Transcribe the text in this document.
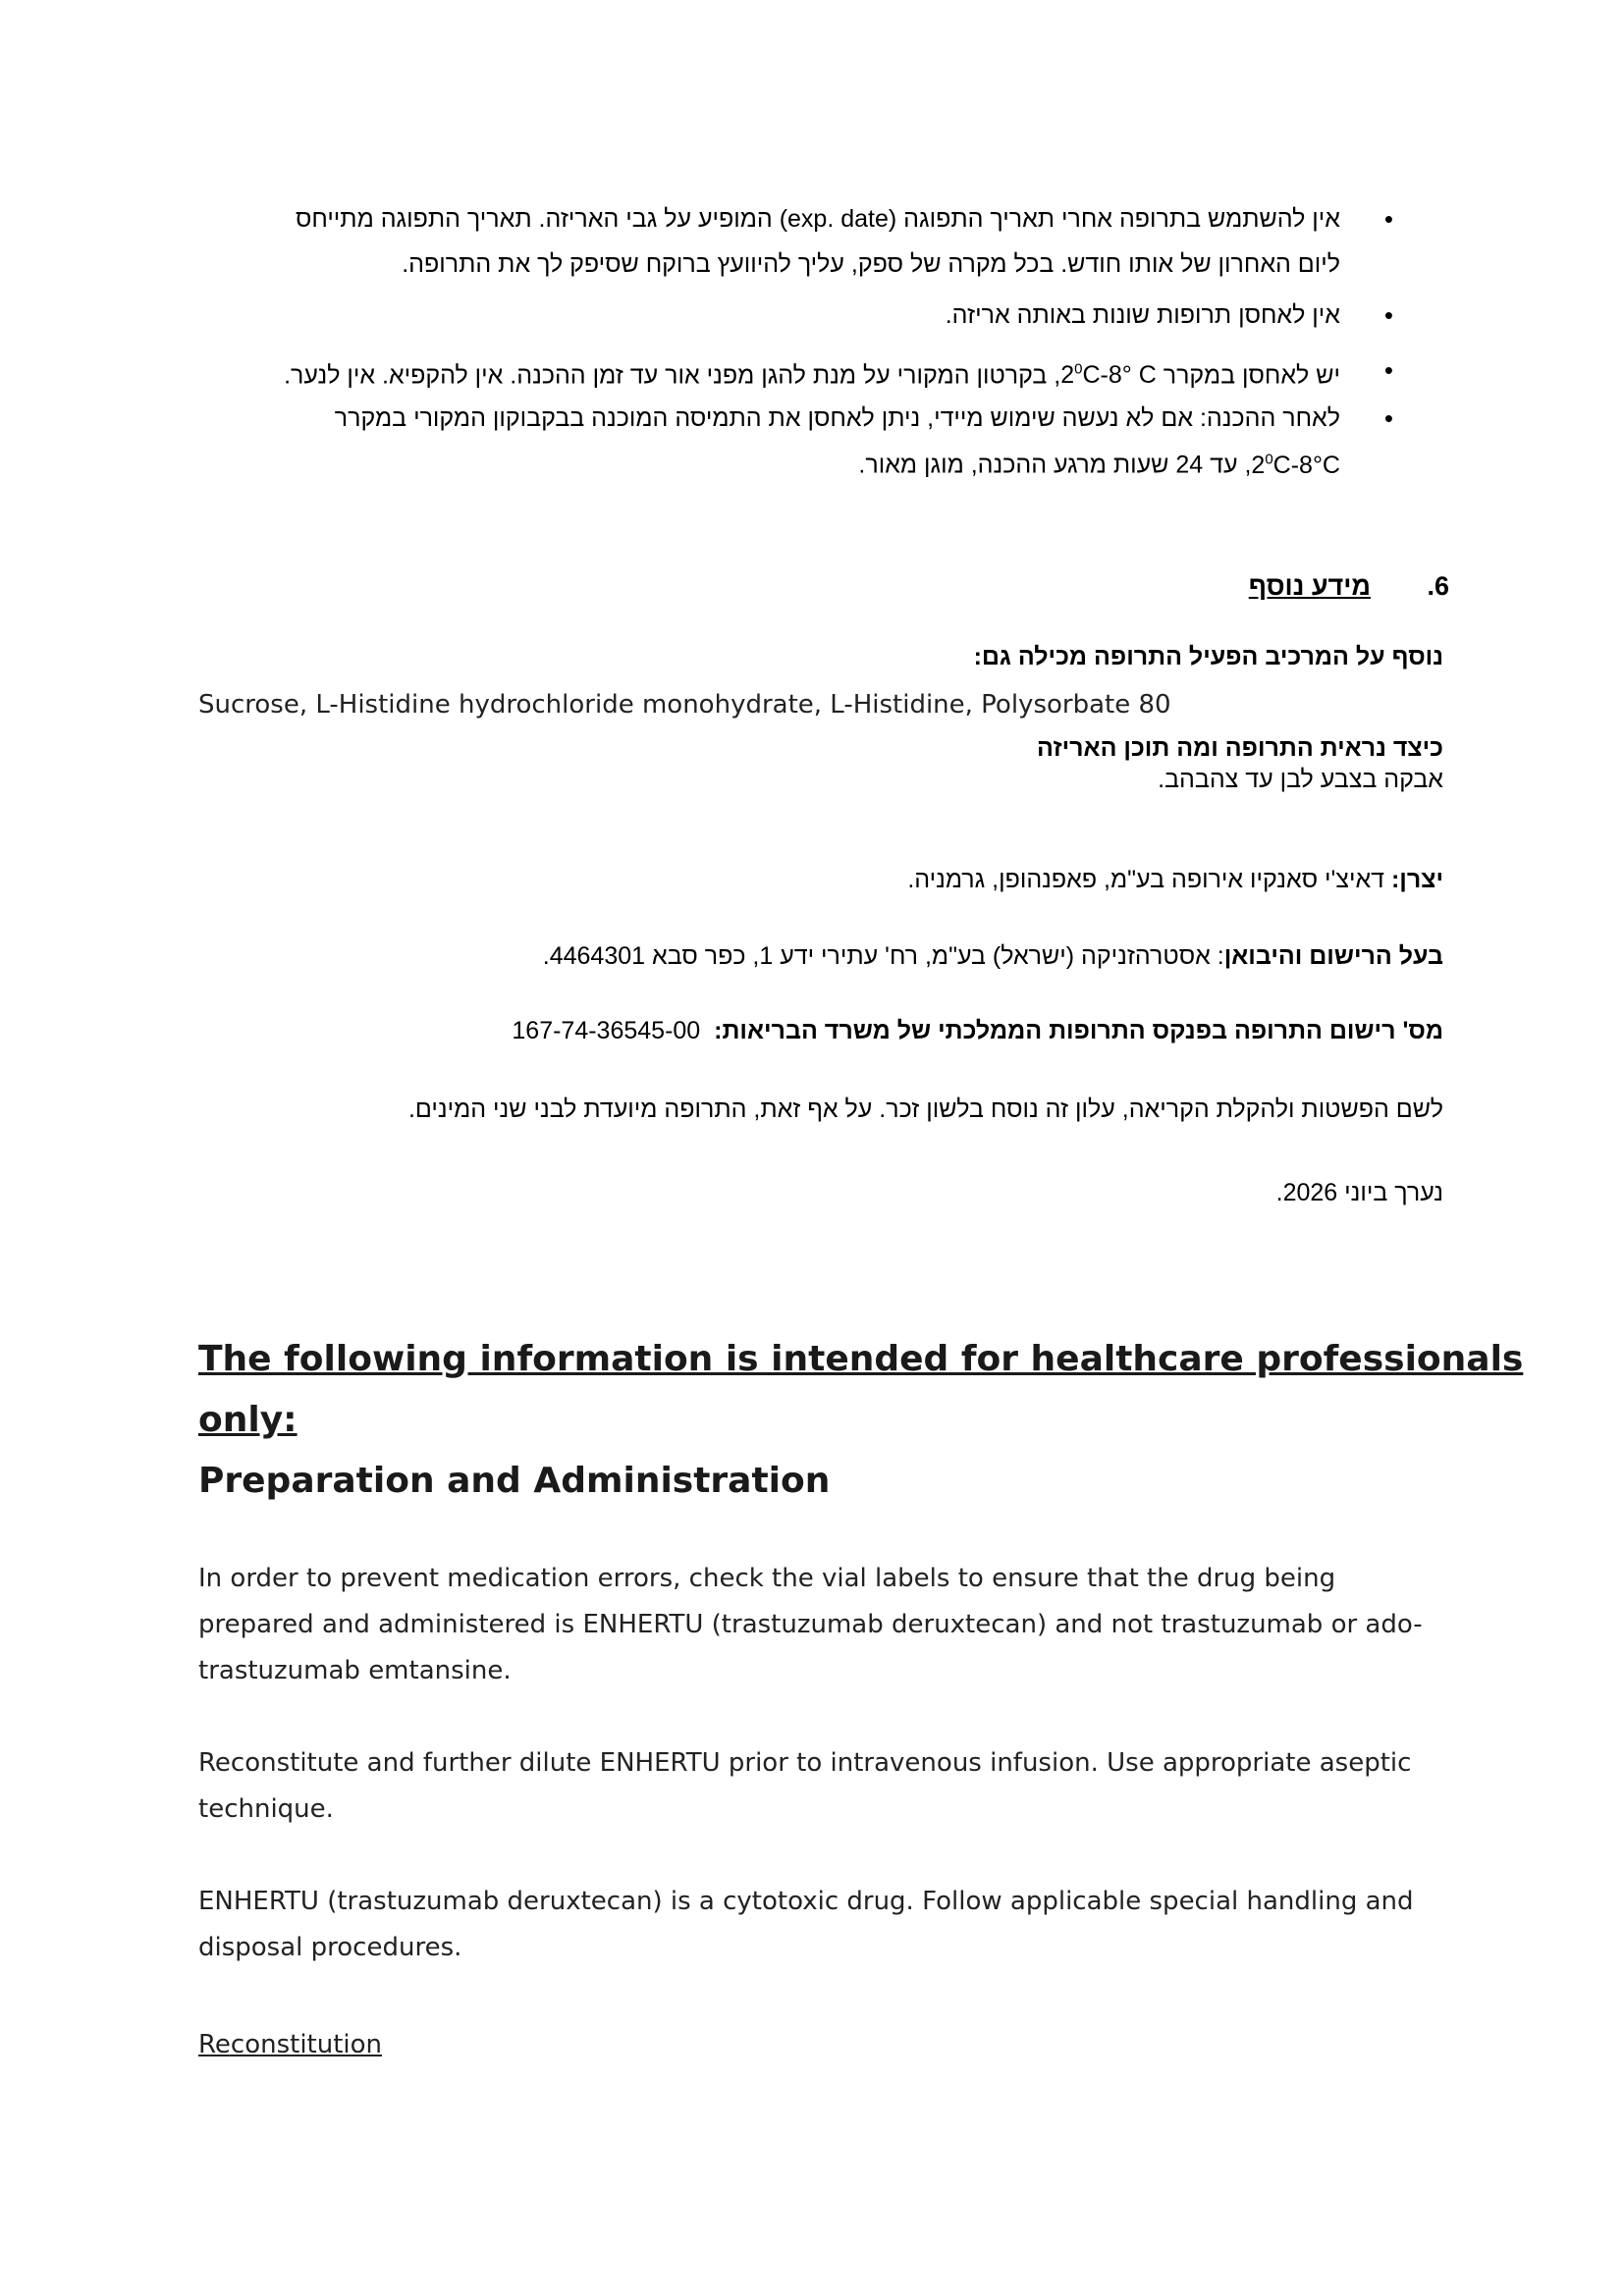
• אין להשתמש בתרופה אחרי תאריך התפוגה (exp. date) המופיע על גבי האריזה. תאריך התפוגה מתייחס
ליום האחרון של אותו חודש. בכל מקרה של ספק, עליך להיוועץ ברוקח שסיפק לך את התרופה.
• אין לאחסן תרופות שונות באותה אריזה.
• יש לאחסן במקרר $2^0C-8^\circ$ C, בקרטון המקורי על מנת להגן מפני אור עד זמן ההכנה. אין להקפיא. אין לנער.
• לאחר ההכנה: אם לא נעשה שימוש מיידי, ניתן לאחסן את התמיסה המוכנה בבקבוקון המקורי במקרר
$2^0C-8^\circ C$, עד 24 שעות מרגע ההכנה, מוגן מאור.
6.
מידע נוסף
נוסף על המרכיב הפעיל התרופה מכילה גם:
Sucrose, L-Histidine hydrochloride monohydrate, L-Histidine, Polysorbate 80
כיצד נראית התרופה ומה תוכן האריזה
אבקה בצבע לבן עד צהבהב.
יצרן: דאיצ'י סאנקיו אירופה בע"מ, פאפנהופן, גרמניה.
בעל הרישום והיבואן: אסטרהזניקה (ישראל) בע"מ, רח' עתירי ידע 1, כפר סבא 4464301.
מס' רישום התרופה בפנקס התרופות הממלכתי של משרד הבריאות:  167-74-36545-00
לשם הפשטות ולהקלת הקריאה, עלון זה נוסח בלשון זכר. על אף זאת, התרופה מיועדת לבני שני המינים.
נערך ביוני 2026.
The following information is intended for healthcare professionals
only:
Preparation and Administration
In order to prevent medication errors, check the vial labels to ensure that the drug being prepared and administered is ENHERTU (trastuzumab deruxtecan) and not trastuzumab or ado-trastuzumab emtansine.
Reconstitute and further dilute ENHERTU prior to intravenous infusion. Use appropriate aseptic technique.
ENHERTU (trastuzumab deruxtecan) is a cytotoxic drug. Follow applicable special handling and disposal procedures.
Reconstitution
